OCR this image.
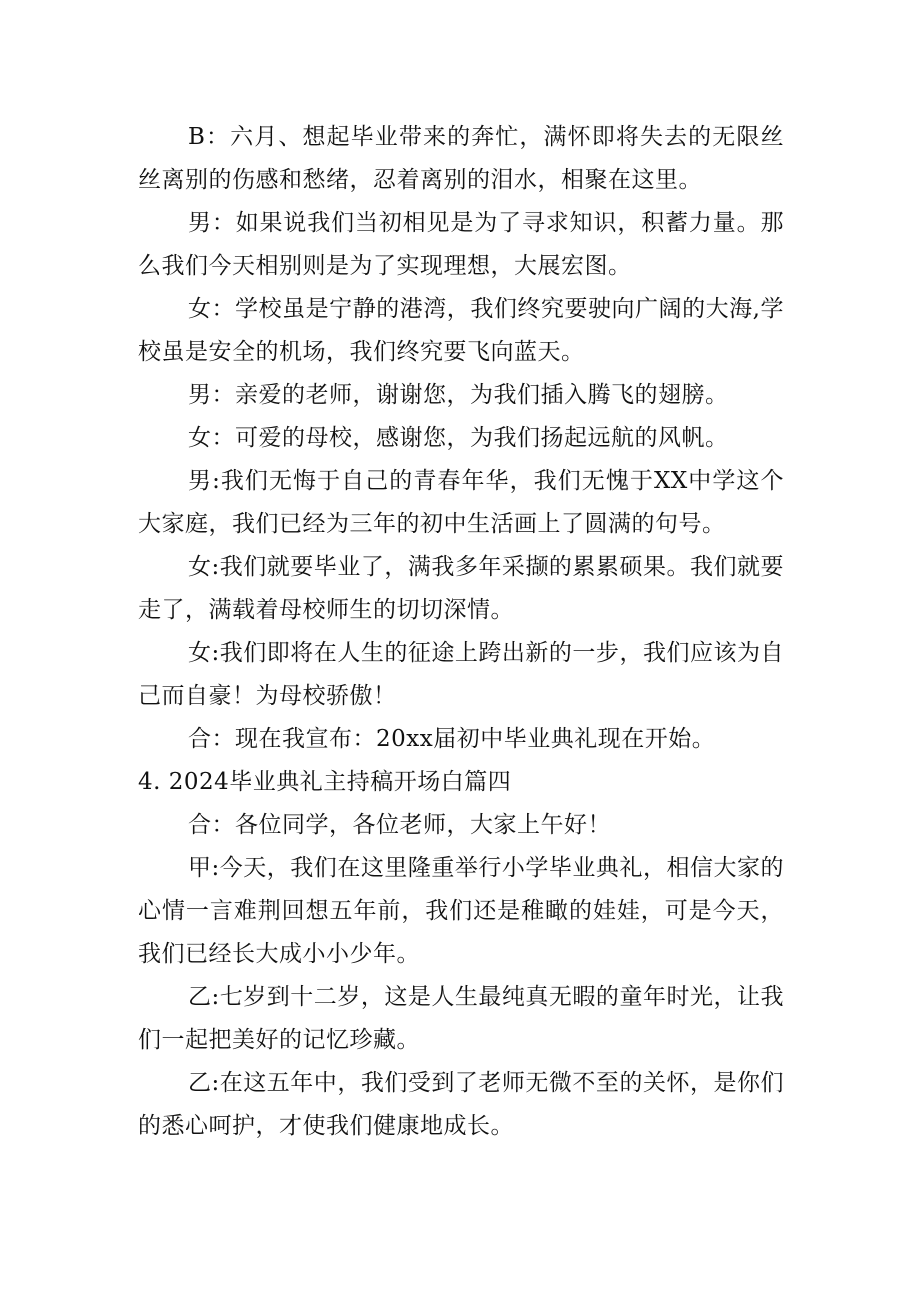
B：六月、想起毕业带来的奔忙，满怀即将失去的无限丝丝离别的伤感和愁绪，忍着离别的泪水，相聚在这里。

男：如果说我们当初相见是为了寻求知识，积蓄力量。那么我们今天相别则是为了实现理想，大展宏图。

女：学校虽是宁静的港湾，我们终究要驶向广阔的大海,学校虽是安全的机场，我们终究要飞向蓝天。

男：亲爱的老师，谢谢您，为我们插入腾飞的翅膀。

女：可爱的母校，感谢您，为我们扬起远航的风帆。

男:我们无悔于自己的青春年华，我们无愧于XX中学这个大家庭，我们已经为三年的初中生活画上了圆满的句号。

女:我们就要毕业了，满我多年采撷的累累硕果。我们就要走了，满载着母校师生的切切深情。

女:我们即将在人生的征途上跨出新的一步，我们应该为自己而自豪！为母校骄傲！

合：现在我宣布：20xx届初中毕业典礼现在开始。

4. 2024毕业典礼主持稿开场白篇四

合：各位同学，各位老师，大家上午好！

甲:今天，我们在这里隆重举行小学毕业典礼，相信大家的心情一言难荆回想五年前，我们还是稚瞰的娃娃，可是今天，我们已经长大成小小少年。

乙:七岁到十二岁，这是人生最纯真无暇的童年时光，让我们一起把美好的记忆珍藏。

乙:在这五年中，我们受到了老师无微不至的关怀，是你们的悉心呵护，才使我们健康地成长。
